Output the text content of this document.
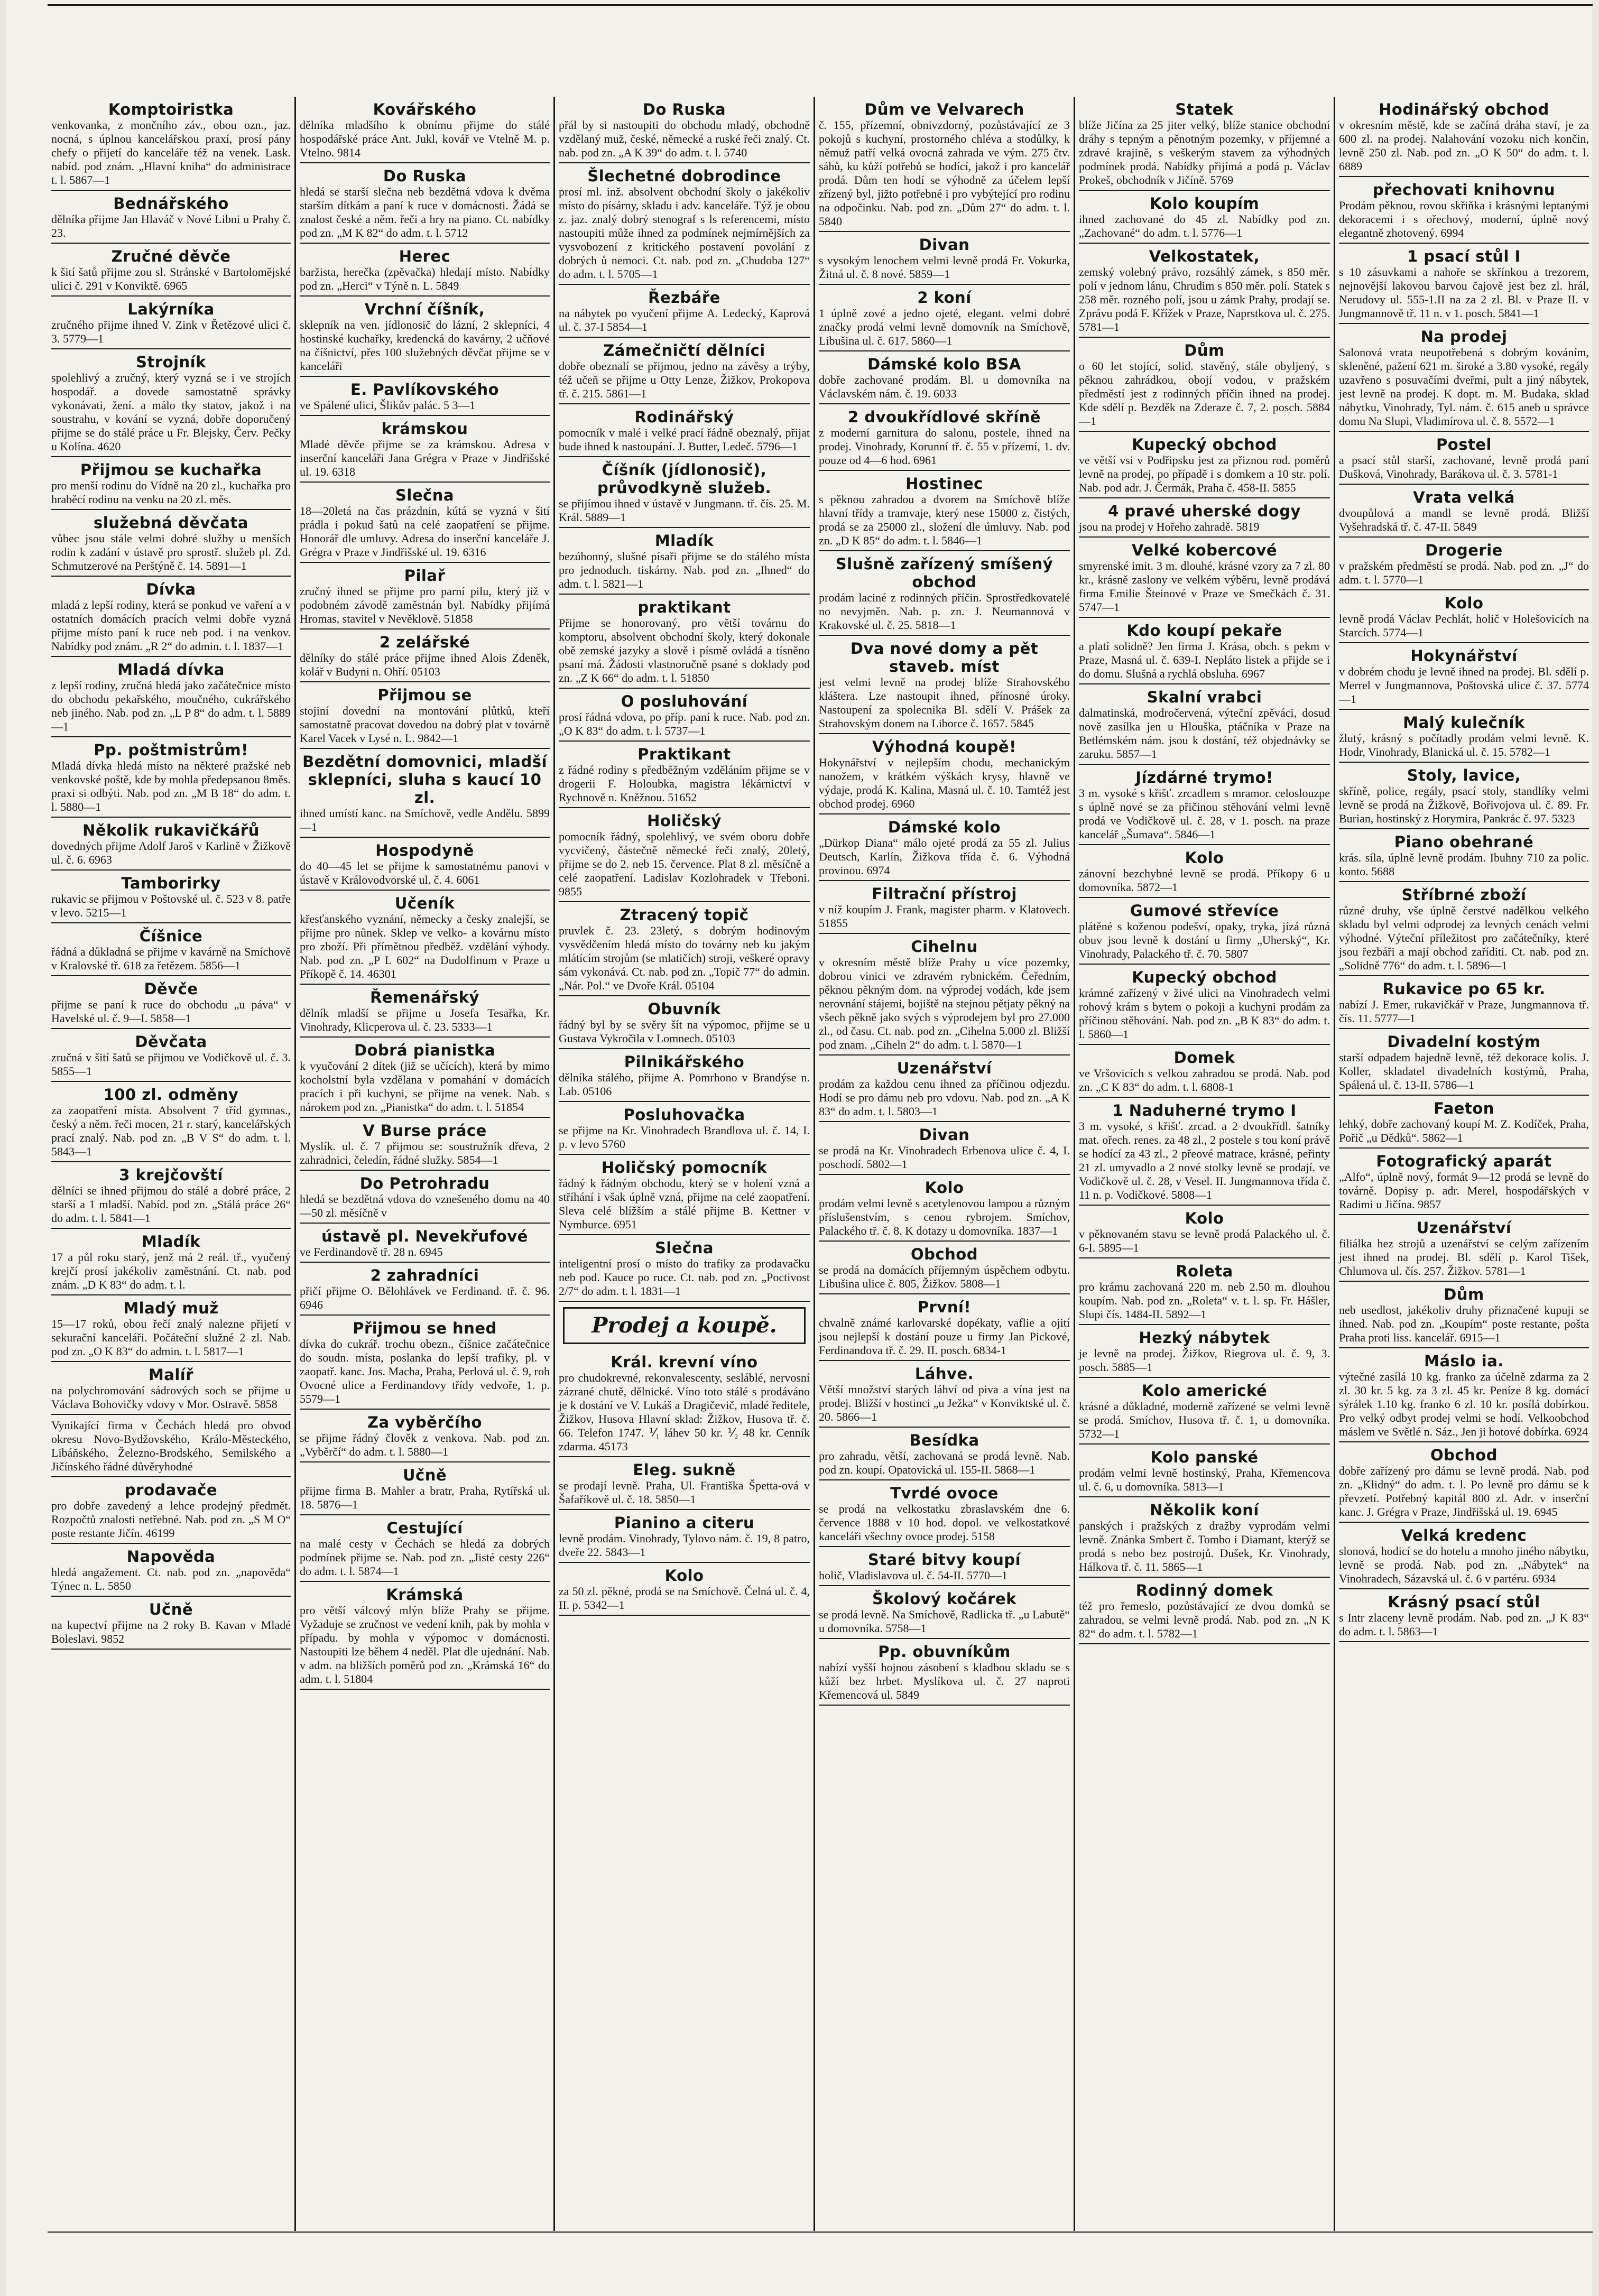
Komptoiristka
venkovanka, z mončního záv., obou ozn., jaz. nocná, s úplnou kancelářskou praxí, prosí pány chefy o přijetí do kanceláře též na venek. Lask. nabíd. pod znám. „Hlavní kniha“ do administrace t. l. 5867—1
Bednářského
dělníka přijme Jan Hlaváč v Nové Libni u Prahy č. 23.
Zručné děvče
k šití šatů přijme zou sl. Stránské v Bartolomějské ulici č. 291 v Konviktě. 6965
Lakýrníka
zručného přijme ihned V. Zink v Řetězové ulici č. 3. 5779—1
Strojník
spolehlivý a zručný, který vyzná se i ve strojích hospodář. a dovede samostatně správky vykonávati, žení. a málo tky statov, jakož i na soustrahu, v kování se vyzná, dobře doporučený přijme se do stálé práce u Fr. Blejsky, Červ. Pečky u Kolína. 4620
Přijmou se kuchařka
pro menší rodinu do Vídně na 20 zl., kuchařka pro hraběcí rodinu na venku na 20 zl. měs.
služebná děvčata
vůbec jsou stále velmi dobré služby u menších rodin k zadání v ústavě pro sprostř. služeb pl. Zd. Schmutzerové na Perštýně č. 14. 5891—1
Dívka
mladá z lepší rodiny, která se ponkud ve vaření a v ostatních domácích pracích velmi dobře vyzná přijme místo paní k ruce neb pod. i na venkov. Nabídky pod znám. „R 2“ do admin. t. l. 1837—1
Mladá dívka
z lepší rodiny, zručná hledá jako začátečnice místo do obchodu pekařského, moučného, cukrářského neb jiného. Nab. pod zn. „L P 8“ do adm. t. l. 5889—1
Pp. poštmistrům!
Mladá dívka hledá místo na některé pražské neb venkovské poště, kde by mohla předepsanou 8měs. praxi si odbýti. Nab. pod zn. „M B 18“ do adm. t. l. 5880—1
Několik rukavičkářů
dovedných přijme Adolf Jaroš v Karlině v Žižkově ul. č. 6. 6963
Tamborirky
rukavic se přijmou v Poštovské ul. č. 523 v 8. patře v levo. 5215—1
Číšnice
řádná a důkladná se přijme v kavárně na Smíchově v Kralovské tř. 618 za řetězem. 5856—1
Děvče
přijme se paní k ruce do obchodu „u páva“ v Havelské ul. č. 9—I. 5858—1
Děvčata
zručná v šití šatů se přijmou ve Vodičkově ul. č. 3. 5855—1
100 zl. odměny
za zaopatření místa. Absolvent 7 tříd gymnas., český a něm. řeči mocen, 21 r. starý, kancelářských prací znalý. Nab. pod zn. „B V S“ do adm. t. l. 5843—1
3 krejčovští
dělníci se ihned přijmou do stálé a dobré práce, 2 starší a 1 mladší. Nabíd. pod zn. „Stálá práce 26“ do adm. t. l. 5841—1
Mladík
17 a půl roku starý, jenž má 2 reál. tř., vyučený krejčí prosí jakékoliv zaměstnání. Ct. nab. pod znám. „D K 83“ do adm. t. l.
Mladý muž
15—17 roků, obou řečí znalý nalezne přijetí v sekurační kanceláři. Počáteční služné 2 zl. Nab. pod zn. „O K 83“ do admin. t. l. 5817—1
Malíř
na polychromování sádrových soch se přijme u Václava Bohovičky vdovy v Mor. Ostravě. 5858
Vynikající firma v Čechách hledá pro obvod okresu Novo-Bydžovského, Králo-Městeckého, Libáňského, Železno-Brodského, Semilského a Jičínského řádné důvěryhodné
prodavače
pro dobře zavedený a lehce prodejný předmět. Rozpočtů znalosti netřebné. Nab. pod zn. „S M O“ poste restante Jičín. 46199
Napověda
hledá angažement. Ct. nab. pod zn. „napověda“ Týnec n. L. 5850
Učně
na kupectví přijme na 2 roky B. Kavan v Mladé Boleslavi. 9852
Kovářského
dělníka mladšího k obnímu přijme do stálé hospodářské práce Ant. Jukl, kovář ve Vtelně M. p. Vtelno. 9814
Do Ruska
hledá se starší slečna neb bezdětná vdova k dvěma starším dítkám a paní k ruce v domácnosti. Žádá se znalost české a něm. řeči a hry na piano. Ct. nabídky pod zn. „M K 82“ do adm. t. l. 5712
Herec
baržista, herečka (zpěvačka) hledají místo. Nabídky pod zn. „Herci“ v Týně n. L. 5849
Vrchní číšník,
sklepník na ven. jídlonosič do lázní, 2 sklepníci, 4 hostinské kuchařky, kredencká do kavárny, 2 učňové na číšnictví, přes 100 služebných děvčat přijme se v kanceláři
E. Pavlíkovského
ve Spálené ulici, Šlikův palác. 5 3—1
krámskou
Mladé děvče přijme se za krámskou. Adresa v inserční kanceláři Jana Grégra v Praze v Jindřišské ul. 19. 6318
Slečna
18—20letá na čas prázdnin, kútá se vyzná v šití prádla i pokud šatů na celé zaopatření se přijme. Honorář dle umluvy. Adresa do inserční kanceláře J. Grégra v Praze v Jindřišské ul. 19. 6316
Pilař
zručný ihned se přijme pro parní pilu, který již v podobném závodě zaměstnán byl. Nabídky přijímá Hromas, stavitel v Nevěklově. 51858
2 zelářské
dělníky do stálé práce přijme ihned Alois Zdeněk, kolář v Budyni n. Ohří. 05103
Přijmou se
stojiní dovední na montování plůtků, kteří samostatně pracovat dovedou na dobrý plat v továrně Karel Vacek v Lysé n. L. 9842—1
Bezdětní domovnici, mladší sklepníci, sluha s kaucí 10 zl.
ihned umístí kanc. na Smíchově, vedle Andělu. 5899—1
Hospodyně
do 40—45 let se přijme k samostatnému panovi v ústavě v Královodvorské ul. č. 4. 6061
Učeník
křesťanského vyznání, německy a česky znalejší, se přijme pro nůnek. Sklep ve velko- a kovárnu místo pro zboží. Při přímětnou předběž. vzdělání výhody. Nab. pod zn. „P L 602“ na Dudolfinum v Praze u Příkopě č. 14. 46301
Řemenářský
dělník mladší se přijme u Josefa Tesařka, Kr. Vinohrady, Klicperova ul. č. 23. 5333—1
Dobrá pianistka
k vyučování 2 dítek (již se učících), která by mimo kocholstní byla vzdělana v pomahání v domácích pracích i při kuchyni, se přijme na venek. Nab. s nárokem pod zn. „Pianistka“ do adm. t. l. 51854
V Burse práce
Myslík. ul. č. 7 přijmou se: soustružník dřeva, 2 zahradnici, čeledín, řádné služky. 5854—1
Do Petrohradu
hledá se bezdětná vdova do vznešeného domu na 40—50 zl. měsíčně v
ústavě pl. Nevekřufové
ve Ferdinandově tř. 28 n. 6945
2 zahradníci
přičí přijme O. Bělohlávek ve Ferdinand. tř. č. 96. 6946
Přijmou se hned
dívka do cukrář. trochu obezn., číšnice začátečnice do soudn. místa, poslanka do lepší trafiky, pl. v zaopatř. kanc. Jos. Macha, Praha, Perlová ul. č. 9, roh Ovocné ulice a Ferdinandovy třídy vedvoře, 1. p. 5579—1
Za vyběrčího
se přijme řádný člověk z venkova. Nab. pod zn. „Vyběrčí“ do adm. t. l. 5880—1
Učně
přijme firma B. Mahler a bratr, Praha, Rytířská ul. 18. 5876—1
Cestující
na malé cesty v Čechách se hledá za dobrých podmínek přijme se. Nab. pod zn. „Jisté cesty 226“ do adm. t. l. 5874—1
Krámská
pro větší válcový mlýn blíže Prahy se přijme. Vyžaduje se zručnost ve vedení knih, pak by mohla v případu. by mohla v výpomoc v domácnosti. Nastoupiti lze během 4 neděl. Plat dle ujednání. Nab. v adm. na bližších poměrů pod zn. „Krámská 16“ do adm. t. l. 51804
Do Ruska
přál by si nastoupiti do obchodu mladý, obchodně vzdělaný muž, české, německé a ruské řeči znalý. Ct. nab. pod zn. „A K 39“ do adm. t. l. 5740
Šlechetné dobrodince
prosí ml. inž. absolvent obchodní školy o jakékoliv místo do písárny, skladu i adv. kanceláře. Týž je obou z. jaz. znalý dobrý stenograf s ls referencemi, místo nastoupiti může ihned za podmínek nejmírnějších za vysvobození z kritického postavení povolání z dobrých ů nemoci. Ct. nab. pod zn. „Chudoba 127“ do adm. t. l. 5705—1
Řezbáře
na nábytek po vyučení přijme A. Ledecký, Kaprová ul. č. 37-I 5854—1
Zámečničtí dělníci
dobře obeznalí se přijmou, jedno na závěsy a trýby, též učeň se přijme u Otty Lenze, Žižkov, Prokopova tř. č. 215. 5861—1
Rodinářský
pomocník v malé i velké prací řádně obeznalý, přijat bude ihned k nastoupání. J. Butter, Ledeč. 5796—1
Číšník (jídlonosič), průvodkyně služeb.
se přijímou ihned v ústavě v Jungmann. tř. čís. 25. M. Král. 5889—1
Mladík
bezúhonný, slušné písaři přijme se do stálého místa pro jednoduch. tiskárny. Nab. pod zn. „Ihned“ do adm. t. l. 5821—1
praktikant
Přijme se honorovaný, pro větší továrnu do komptoru, absolvent obchodní školy, který dokonale obě zemské jazyky a slově i písmě ovládá a tísněno psaní má. Žádosti vlastnoručně psané s doklady pod zn. „Z K 66“ do adm. t. l. 51850
O posluhování
prosí řádná vdova, po příp. paní k ruce. Nab. pod zn. „O K 83“ do adm. t. l. 5737—1
Praktikant
z řádné rodiny s předběžným vzděláním přijme se v drogerii F. Holoubka, magistra lékárnictví v Rychnově n. Kněžnou. 51652
Holičský
pomocník řádný, spolehlivý, ve svém oboru dobře vycvičený, částečně německé řeči znalý, 20letý, přijme se do 2. neb 15. července. Plat 8 zl. měsíčně a celé zaopatření. Ladislav Kozlohradek v Třeboni. 9855
Ztracený topič
pruvlek č. 23. 23letý, s dobrým hodinovým vysvědčením hledá místo do továrny neb ku jakým mlátícím strojům (se mlatičích) stroji, veškeré opravy sám vykonává. Ct. nab. pod zn. „Topič 77“ do admin. „Nár. Pol.“ ve Dvoře Král. 05104
Obuvník
řádný byl by se svěry šít na výpomoc, přijme se u Gustava Vykročila v Lomnech. 05103
Pilnikářského
dělníka stálého, přijme A. Pomrhono v Brandýse n. Lab. 05106
Posluhovačka
se přijme na Kr. Vinohradech Brandlova ul. č. 14, I. p. v levo 5760
Holičský pomocník
řádný k řádným obchodu, který se v holení vzná a stříhání i však úplně vzná, přijme na celé zaopatření. Sleva celé blížším a stálé přijme B. Kettner v Nymburce. 6951
Slečna
inteligentní prosí o místo do trafiky za prodavačku neb pod. Kauce po ruce. Ct. nab. pod zn. „Poctivost 2/7“ do adm. t. l. 1831—1
Prodej a koupě.
Král. krevní víno
pro chudokrevné, rekonvalescenty, sesláblé, nervosní zázrané chutě, dělnické. Víno toto stálé s prodáváno je k dostání ve V. Lukáš a Dragičevič, mladé ředitele, Žižkov, Husova Hlavní sklad: Žižkov, Husova tř. č. 66. Telefon 1747. ⅟₁ láhev 50 kr. ⅟₂ 48 kr. Cenník zdarma. 45173
Eleg. sukně
se prodají levně. Praha, Ul. Františka Špetta-ová v Šafaříkově ul. č. 18. 5850—1
Pianino a citeru
levně prodám. Vinohrady, Tylovo nám. č. 19, 8 patro, dveře 22. 5843—1
Kolo
za 50 zl. pěkné, prodá se na Smíchově. Čelná ul. č. 4, II. p. 5342—1
Dům ve Velvarech
č. 155, přízemní, obnivzdorný, pozůstávající ze 3 pokojů s kuchyní, prostorného chléva a stodůlky, k němuž patří velká ovocná zahrada ve vým. 275 čtv. sáhů, ku kůží potřebů se hodící, jakož i pro kancelář prodá. Dům ten hodí se výhodně za účelem lepší zřízený byl, jižto potřebné i pro vybýtející pro rodinu na odpočinku. Nab. pod zn. „Dům 27“ do adm. t. l. 5840
Divan
s vysokým lenochem velmi levně prodá Fr. Vokurka, Žitná ul. č. 8 nové. 5859—1
2 koní
1 úplně zové a jedno ojeté, elegant. velmi dobré značky prodá velmi levně domovník na Smíchově, Libušina ul. č. 617. 5860—1
Dámské kolo BSA
dobře zachované prodám. Bl. u domovníka na Václavském nám. č. 19. 6033
2 dvoukřídlové skříně
z moderní garnitura do salonu, postele, ihned na prodej. Vinohrady, Korunní tř. č. 55 v přízemí, 1. dv. pouze od 4—6 hod. 6961
Hostinec
s pěknou zahradou a dvorem na Smíchově blíže hlavní třídy a tramvaje, který nese 15000 z. čistých, prodá se za 25000 zl., složení dle úmluvy. Nab. pod zn. „D K 85“ do adm. t. l. 5846—1
Slušně zařízený smíšený obchod
prodám laciné z rodinných příčin. Sprostředkovatelé no nevyjměn. Nab. p. zn. J. Neumannová v Krakovské ul. č. 25. 5818—1
Dva nové domy a pět staveb. míst
jest velmi levně na prodej blíže Strahovského kláštera. Lze nastoupit ihned, přínosné úroky. Nastoupení za spolecnika Bl. sdělí V. Prášek za Strahovským donem na Liborce č. 1657. 5845
Výhodná koupě!
Hokynářství v nejlepším chodu, mechanickým nanožem, v krátkém výškách krysy, hlavně ve výdaje, prodá K. Kalina, Masná ul. č. 10. Tamtéž jest obchod prodej. 6960
Dámské kolo
„Dürkop Diana“ málo ojeté prodá za 55 zl. Julius Deutsch, Karlín, Žižkova třída č. 6. Výhodná provinou. 6974
Filtrační přístroj
v níž koupím J. Frank, magister pharm. v Klatovech. 51855
Cihelnu
v okresním městě blíže Prahy u více pozemky, dobrou vinici ve zdravém rybnickém. Čeředním, pěknou pěkným dom. na výprodej vodách, kde jsem nerovnání stájemi, bojiště na stejnou pětjaty pěkný na všech pěkně jako svých s výprodejem byl pro 27.000 zl., od času. Ct. nab. pod zn. „Cihelna 5.000 zl. Bližší pod znam. „Ciheln 2“ do adm. t. l. 5870—1
Uzenářství
prodám za každou cenu ihned za příčinou odjezdu. Hodí se pro dámu neb pro vdovu. Nab. pod zn. „A K 83“ do adm. t. l. 5803—1
Divan
se prodá na Kr. Vinohradech Erbenova ulice č. 4, I. poschodí. 5802—1
Kolo
prodám velmi levně s acetylenovou lampou a různým příslušenstvím, s cenou rybrojem. Smíchov, Palackého tř. č. 8. K dotazy u domovníka. 1837—1
Obchod
se prodá na domácích příjemným úspěchem odbytu. Libušina ulice č. 805, Žižkov. 5808—1
První!
chvalně známé karlovarské dopékaty, vaflie a ojití jsou nejlepší k dostání pouze u firmy Jan Pickové, Ferdinandova tř. č. 29. II. posch. 6834-1
Láhve.
Větší množství starých láhví od piva a vína jest na prodej. Bližší v hostinci „u Ježka“ v Konviktské ul. č. 20. 5866—1
Besídka
pro zahradu, větší, zachovaná se prodá levně. Nab. pod zn. koupí. Opatovická ul. 155-II. 5868—1
Tvrdé ovoce
se prodá na velkostatku zbraslavském dne 6. července 1888 v 10 hod. dopol. ve velkostatkové kanceláři všechny ovoce prodej. 5158
Staré bitvy koupí
holič, Vladislavova ul. č. 54-II. 5770—1
Školový kočárek
se prodá levně. Na Smíchově, Radlicka tř. „u Labutě“ u domovníka. 5758—1
Pp. obuvníkům
nabízí vyšší hojnou zásobení s kladbou skladu se s kůží bez hrbet. Myslíkova ul. č. 27 naproti Křemencová ul. 5849
Statek
blíže Jičína za 25 jiter velký, blíže stanice obchodní dráhy s tepným a pěnotným pozemky, v příjemné a zdravé krajině, s veškerým stavem za výhodných podmínek prodá. Nabídky přijímá a podá p. Václav Prokeš, obchodník v Jičíně. 5769
Kolo koupím
ihned zachované do 45 zl. Nabídky pod zn. „Zachované“ do adm. t. l. 5776—1
Velkostatek,
zemský volebný právo, rozsáhlý zámek, s 850 měr. polí v jednom lánu, Chrudim s 850 měr. polí. Statek s 258 měr. rozného polí, jsou u zámk Prahy, prodají se. Zprávu podá F. Křížek v Praze, Naprstkova ul. č. 275. 5781—1
Dům
o 60 let stojící, solid. stavěný, stále obyljený, s pěknou zahrádkou, obojí vodou, v pražském předměstí jest z rodinných příčin ihned na prodej. Kde sdělí p. Bezděk na Zderaze č. 7, 2. posch. 5884—1
Kupecký obchod
ve větší vsi v Podřipsku jest za přiznou rod. poměrů levně na prodej, po případě i s domkem a 10 str. polí. Nab. pod adr. J. Čermák, Praha č. 458-II. 5855
4 pravé uherské dogy
jsou na prodej v Hořeho zahradě. 5819
Velké kobercové
smyrenské imit. 3 m. dlouhé, krásné vzory za 7 zl. 80 kr., krásně zaslony ve velkém výběru, levně prodává firma Emilie Šteinové v Praze ve Smečkách č. 31. 5747—1
Kdo koupí pekaře
a platí solidně? Jen firma J. Krása, obch. s pekm v Praze, Masná ul. č. 639-I. Nepláto listek a přijde se i do domu. Slušná a rychlá obsluha. 6967
Skalní vrabci
dalmatinská, modročervená, výteční zpěváci, dosud nově zasílka jen u Hlouška, ptáčníka v Praze na Betlémském nám. jsou k dostání, též objednávky se zaruku. 5857—1
Jízdárné trymo!
3 m. vysoké s křišť. zrcadlem s mramor. celoslouzpe s úplně nové se za přičinou stěhování velmi levně prodá ve Vodičkově ul. č. 28, v 1. posch. na praze kancelář „Šumava“. 5846—1
Kolo
zánovní bezchybné levně se prodá. Příkopy 6 u domovníka. 5872—1
Gumové střevíce
plátěné s koženou podešví, opaky, tryka, jízá různá obuv jsou levně k dostání u firmy „Uherský“, Kr. Vinohrady, Palackého tř. č. 70. 5807
Kupecký obchod
krámné zařízený v živé ulici na Vinohradech velmi rohový krám s bytem o pokoji a kuchyni prodám za příčinou stěhování. Nab. pod zn. „B K 83“ do adm. t. l. 5860—1
Domek
ve Vršovicích s velkou zahradou se prodá. Nab. pod zn. „C K 83“ do adm. t. l. 6808-1
1 Naduherné trymo I
3 m. vysoké, s křišť. zrcad. a 2 dvoukřídl. šatníky mat. ořech. renes. za 48 zl., 2 postele s tou koní právě se hodící za 43 zl., 2 přeové matrace, krásné, peřinty 21 zl. umyvadlo a 2 nové stolky levně se prodají. ve Vodičkově ul. č. 28, v Vesel. II. Jungmannova třída č. 11 n. p. Vodičkové. 5808—1
Kolo
v pěknovaném stavu se levně prodá Palackého ul. č. 6-I. 5895—1
Roleta
pro krámu zachovaná 220 m. neb 2.50 m. dlouhou koupím. Nab. pod zn. „Roleta“ v. t. l. sp. Fr. Hášler, Slupi čís. 1484-II. 5892—1
Hezký nábytek
je levně na prodej. Žižkov, Riegrova ul. č. 9, 3. posch. 5885—1
Kolo americké
krásné a důkladné, moderně zařízené se velmi levně se prodá. Smíchov, Husova tř. č. 1, u domovníka. 5732—1
Kolo panské
prodám velmi levně hostinský, Praha, Křemencova ul. č. 6, u domovníka. 5813—1
Několik koní
panských i pražských z dražby vyprodám velmi levně. Znánka Smbert č. Tombo i Diamant, kterýž se prodá s nebo bez postrojů. Dušek, Kr. Vinohrady, Hálkova tř. č. 11. 5865—1
Rodinný domek
též pro řemeslo, pozůstávající ze dvou domků se zahradou, se velmi levně prodá. Nab. pod zn. „N K 82“ do adm. t. l. 5782—1
Hodinářský obchod
v okresním městě, kde se začíná dráha staví, je za 600 zl. na prodej. Nalahování vozoku nich končin, levně 250 zl. Nab. pod zn. „O K 50“ do adm. t. l. 6889
přechovati knihovnu
Prodám pěknou, rovou skřiňka i krásnými leptanými dekoracemi i s ořechový, moderní, úplně nový elegantně zhotovený. 6994
1 psací stůl I
s 10 zásuvkami a nahoře se skřínkou a trezorem, nejnovější lakovou barvou čajově jest bez zl. hrál, Nerudovy ul. 555-1.II na za 2 zl. Bl. v Praze II. v Jungmannově tř. 11 n. v 1. posch. 5841—1
Na prodej
Salonová vrata neupotřebená s dobrým kováním, skleněné, pažení 621 m. široké a 3.80 vysoké, regály uzavřeno s posuvačími dveřmi, pult a jiný nábytek, jest levně na prodej. K dopt. m. M. Budaka, sklad nábytku, Vinohrady, Tyl. nám. č. 615 aneb u správce domu Na Slupi, Vladimírova ul. č. 8. 5572—1
Postel
a psací stůl starší, zachované, levně prodá paní Dušková, Vinohrady, Barákova ul. č. 3. 5781-1
Vrata velká
dvoupůlová a mandl se levně prodá. Bližší Vyšehradská tř. č. 47-II. 5849
Drogerie
v pražském předměstí se prodá. Nab. pod zn. „J“ do adm. t. l. 5770—1
Kolo
levně prodá Václav Pechlát, holič v Holešovicích na Starcích. 5774—1
Hokynářství
v dobrém chodu je levně ihned na prodej. Bl. sdělí p. Merrel v Jungmannova, Poštovská ulice č. 37. 5774—1
Malý kulečník
žlutý, krásný s počítadly prodám velmi levně. K. Hodr, Vinohrady, Blanická ul. č. 15. 5782—1
Stoly, lavice,
skříně, police, regály, psací stoly, standlíky velmi levně se prodá na Žižkově, Bořivojova ul. č. 89. Fr. Burian, hostinský z Horymira, Pankrác č. 97. 5323
Piano obehrané
krás. síla, úplně levně prodám. Ibuhny 710 za polic. konto. 5688
Stříbrné zboží
různé druhy, vše úplně čerstvé nadělkou velkého skladu byl velmi odprodej za levných cenách velmi výhodné. Výteční příležitost pro začátečníky, které jsou řezbáři a mají obchod zaříditi. Ct. nab. pod zn. „Solidně 776“ do adm. t. l. 5896—1
Rukavice po 65 kr.
nabízí J. Emer, rukavičkář v Praze, Jungmannova tř. čís. 11. 5777—1
Divadelní kostým
starší odpadem bajedně levně, též dekorace kolis. J. Koller, skladatel divadelních kostýmů, Praha, Spálená ul. č. 13-II. 5786—1
Faeton
lehký, dobře zachovaný koupí M. Z. Kodíček, Praha, Pořič „u Dědků“. 5862—1
Fotografický aparát
„Alfo“, úplně nový, formát 9—12 prodá se levně do továrně. Dopisy p. adr. Merel, hospodářských v Radimi u Jičína. 9857
Uzenářství
filiálka hez strojů a uzenářství se celým zařízením jest ihned na prodej. Bl. sdělí p. Karol Tišek, Chlumova ul. čís. 257. Žižkov. 5781—1
Dům
neb usedlost, jakékoliv druhy přiznačené kupuji se ihned. Nab. pod zn. „Koupím“ poste restante, pošta Praha proti liss. kancelář. 6915—1
Máslo ia.
výtečné zasílá 10 kg. franko za účelně zdarma za 2 zl. 30 kr. 5 kg. za 3 zl. 45 kr. Peníze 8 kg. domácí sýrálek 1.10 kg. franko 6 zl. 10 kr. posílá dobírkou. Pro velký odbyt prodej velmi se hodí. Velkoobchod máslem ve Světlé n. Sáz., Jen ji hotové dobírka. 6924
Obchod
dobře zařízený pro dámu se levně prodá. Nab. pod zn. „Klidný“ do adm. t. l. Po levně pro dámu se k převzetí. Potřebný kapitál 800 zl. Adr. v inserční kanc. J. Grégra v Praze, Jindřišská ul. 19. 6945
Velká kredenc
slonová, hodicí se do hotelu a mnoho jiného nábytku, levně se prodá. Nab. pod zn. „Nábytek“ na Vinohradech, Sázavská ul. č. 6 v partéru. 6934
Krásný psací stůl
s Intr zlaceny levně prodám. Nab. pod zn. „J K 83“ do adm. t. l. 5863—1
